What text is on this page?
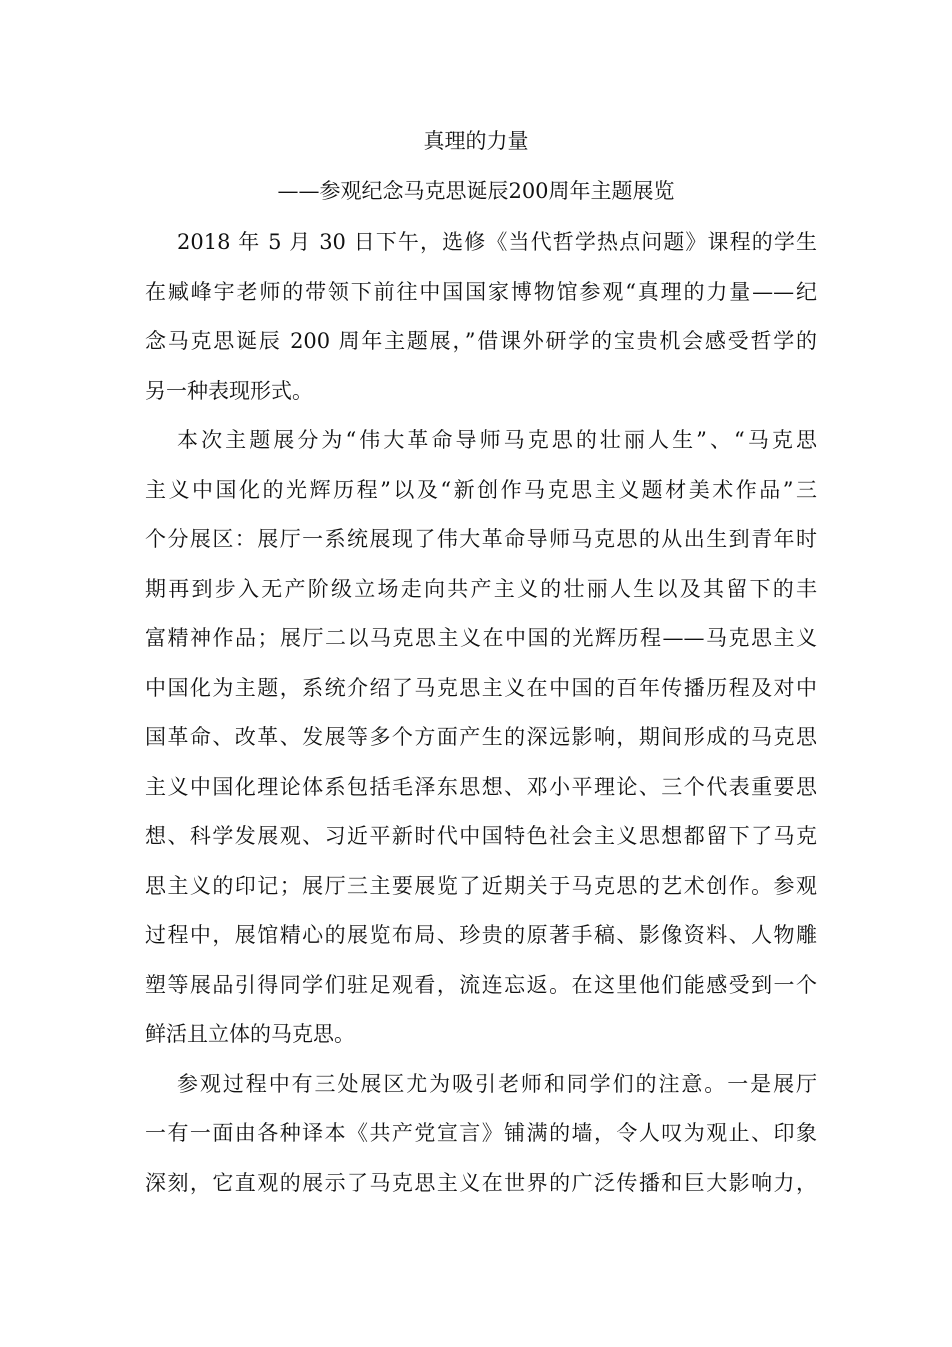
真理的力量
——参观纪念马克思诞辰200周年主题展览
2018 年 5 月 30 日下午，选修《当代哲学热点问题》课程的学生
在臧峰宇老师的带领下前往中国国家博物馆参观“真理的力量——纪
念马克思诞辰 200 周年主题展，”借课外研学的宝贵机会感受哲学的
另一种表现形式。
本次主题展分为“伟大革命导师马克思的壮丽人生”、“马克思
主义中国化的光辉历程”以及“新创作马克思主义题材美术作品”三
个分展区：展厅一系统展现了伟大革命导师马克思的从出生到青年时
期再到步入无产阶级立场走向共产主义的壮丽人生以及其留下的丰
富精神作品；展厅二以马克思主义在中国的光辉历程——马克思主义
中国化为主题，系统介绍了马克思主义在中国的百年传播历程及对中
国革命、改革、发展等多个方面产生的深远影响，期间形成的马克思
主义中国化理论体系包括毛泽东思想、邓小平理论、三个代表重要思
想、科学发展观、习近平新时代中国特色社会主义思想都留下了马克
思主义的印记；展厅三主要展览了近期关于马克思的艺术创作。参观
过程中，展馆精心的展览布局、珍贵的原著手稿、影像资料、人物雕
塑等展品引得同学们驻足观看，流连忘返。在这里他们能感受到一个
鲜活且立体的马克思。
参观过程中有三处展区尤为吸引老师和同学们的注意。一是展厅
一有一面由各种译本《共产党宣言》铺满的墙，令人叹为观止、印象
深刻，它直观的展示了马克思主义在世界的广泛传播和巨大影响力，
